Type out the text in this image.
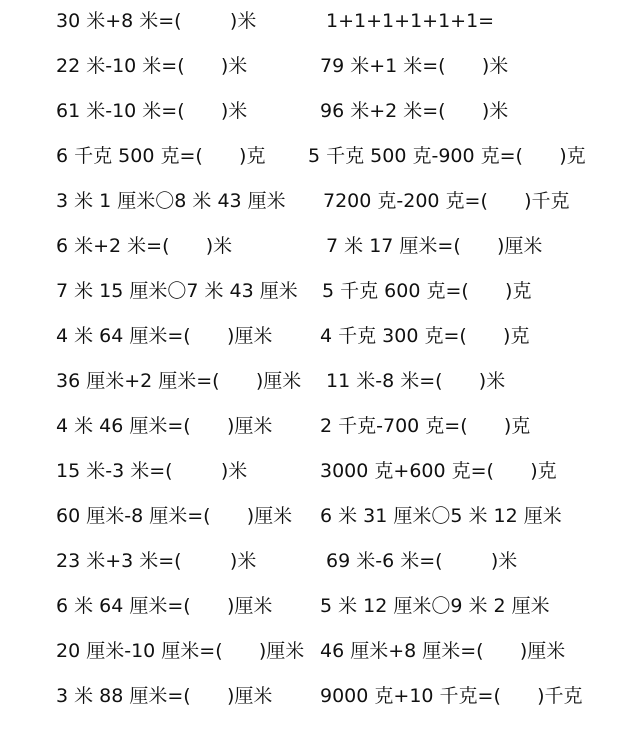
30 米+8 米=(        )米	1+1+1+1+1+1=
22 米-10 米=(      )米	79 米+1 米=(      )米
61 米-10 米=(      )米	96 米+2 米=(      )米
6 千克 500 克=(      )克 5 千克 500 克-900 克=(      )克
3 米 1 厘米〇8 米 43 厘米 7200 克-200 克=(      )千克
6 米+2 米=(      )米	7 米 17 厘米=(      )厘米
7 米 15 厘米〇7 米 43 厘米 5 千克 600 克=(      )克
4 米 64 厘米=(      )厘米	4 千克 300 克=(      )克
36 厘米+2 厘米=(      )厘米 11 米-8 米=(      )米
4 米 46 厘米=(      )厘米	2 千克-700 克=(      )克
15 米-3 米=(        )米	3000 克+600 克=(      )克
60 厘米-8 厘米=(      )厘米 6 米 31 厘米〇5 米 12 厘米
23 米+3 米=(        )米	69 米-6 米=(        )米
6 米 64 厘米=(      )厘米	5 米 12 厘米〇9 米 2 厘米
20 厘米-10 厘米=(      )厘米 46 厘米+8 厘米=(      )厘米
3 米 88 厘米=(      )厘米	9000 克+10 千克=(      )千克
